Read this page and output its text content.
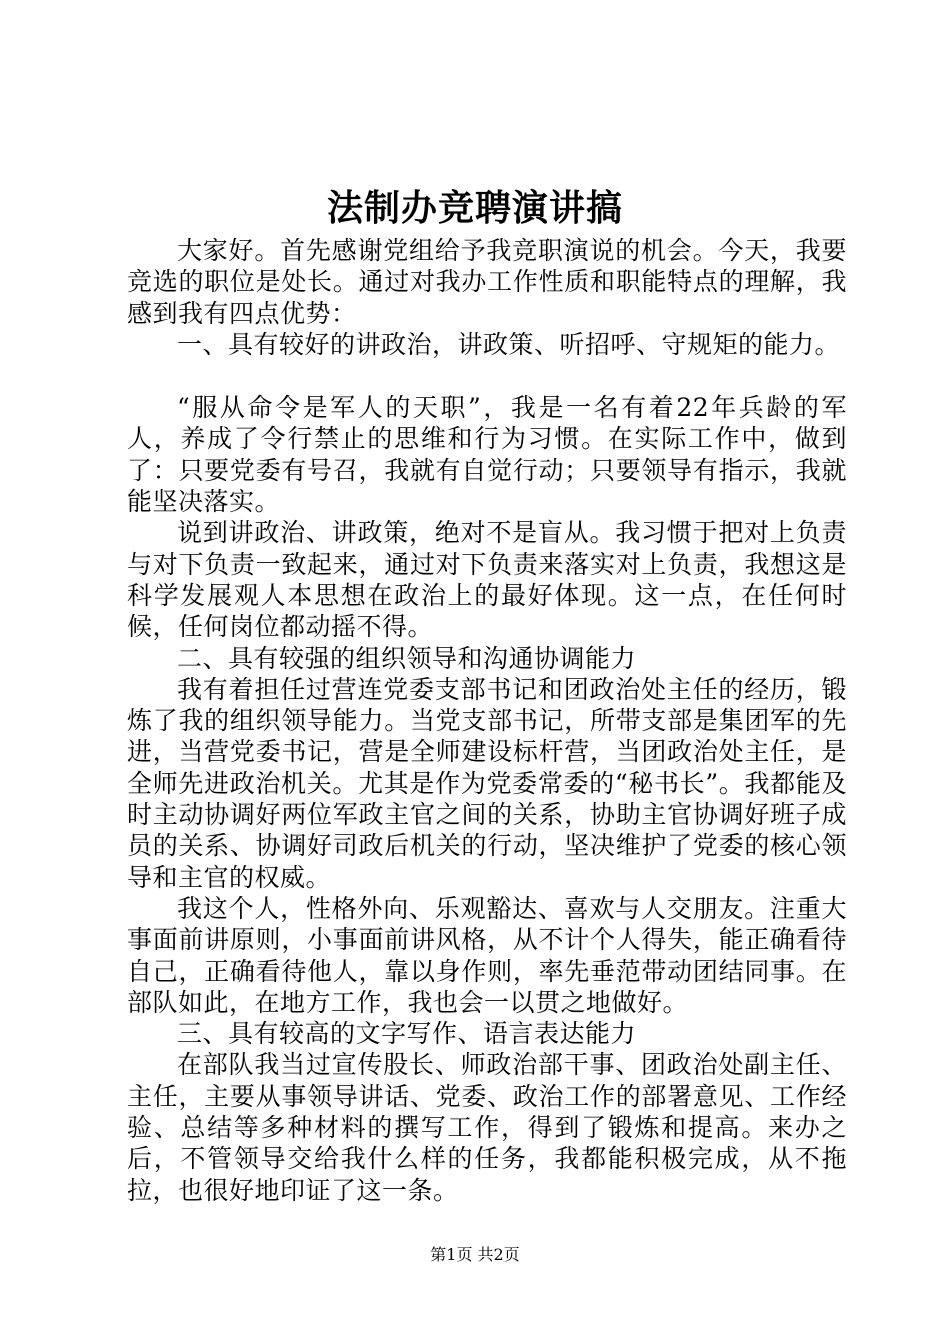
法制办竞聘演讲搞

大家好。首先感谢党组给予我竞职演说的机会。今天，我要竞选的职位是处长。通过对我办工作性质和职能特点的理解，我感到我有四点优势：

一、具有较好的讲政治，讲政策、听招呼、守规矩的能力。

“服从命令是军人的天职”，我是一名有着22年兵龄的军人，养成了令行禁止的思维和行为习惯。在实际工作中，做到了：只要党委有号召，我就有自觉行动；只要领导有指示，我就能坚决落实。

说到讲政治、讲政策，绝对不是盲从。我习惯于把对上负责与对下负责一致起来，通过对下负责来落实对上负责，我想这是科学发展观人本思想在政治上的最好体现。这一点，在任何时候，任何岗位都动摇不得。

二、具有较强的组织领导和沟通协调能力

我有着担任过营连党委支部书记和团政治处主任的经历，锻炼了我的组织领导能力。当党支部书记，所带支部是集团军的先进，当营党委书记，营是全师建设标杆营，当团政治处主任，是全师先进政治机关。尤其是作为党委常委的“秘书长”。我都能及时主动协调好两位军政主官之间的关系，协助主官协调好班子成员的关系、协调好司政后机关的行动，坚决维护了党委的核心领导和主官的权威。

我这个人，性格外向、乐观豁达、喜欢与人交朋友。注重大事面前讲原则，小事面前讲风格，从不计个人得失，能正确看待自己，正确看待他人，靠以身作则，率先垂范带动团结同事。在部队如此，在地方工作，我也会一以贯之地做好。

三、具有较高的文字写作、语言表达能力

在部队我当过宣传股长、师政治部干事、团政治处副主任、主任，主要从事领导讲话、党委、政治工作的部署意见、工作经验、总结等多种材料的撰写工作，得到了锻炼和提高。来办之后，不管领导交给我什么样的任务，我都能积极完成，从不拖拉，也很好地印证了这一条。

第1页 共2页
